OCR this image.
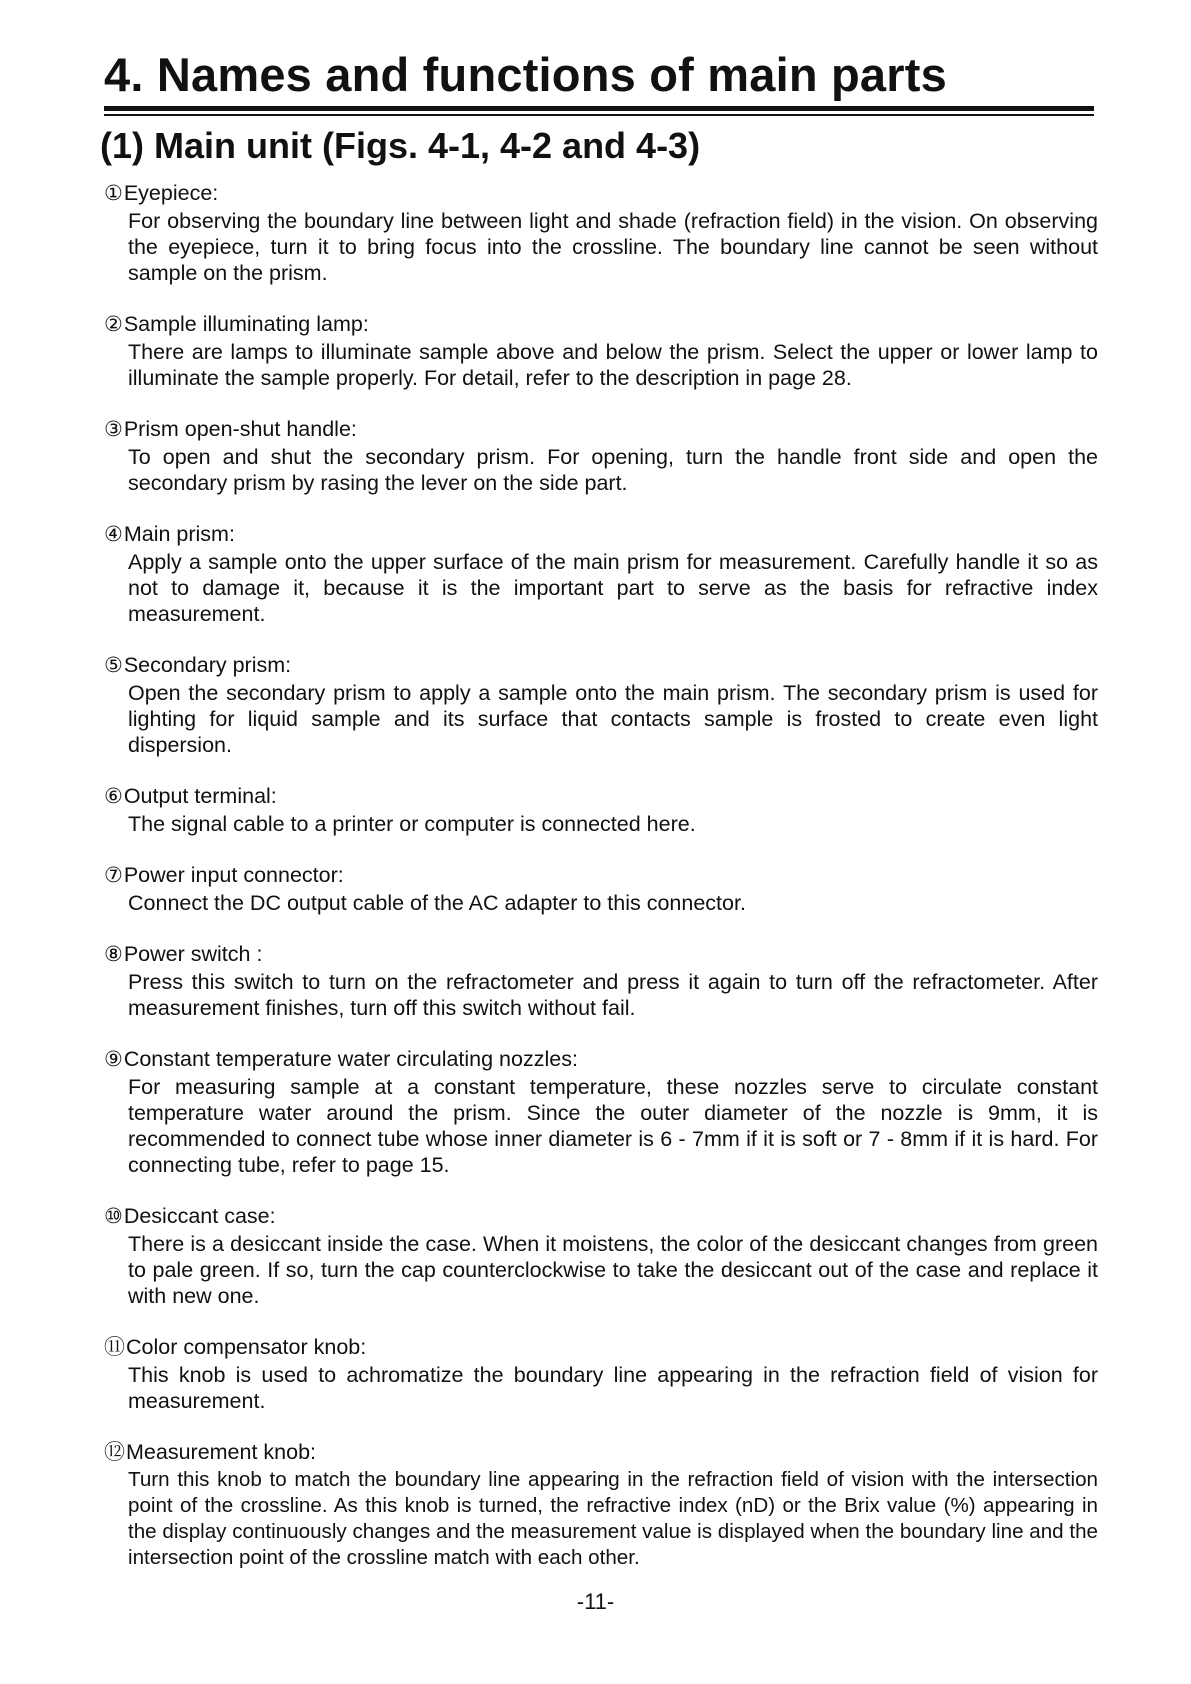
4. Names and functions of main parts
(1) Main unit (Figs. 4-1, 4-2 and 4-3)

①Eyepiece:

For observing the boundary line between light and shade (refraction field) in the vision. On observing the eyepiece, turn it to bring focus into the crossline. The boundary line cannot be seen without sample on the prism.

②Sample illuminating lamp:

There are lamps to illuminate sample above and below the prism. Select the upper or lower lamp to illuminate the sample properly. For detail, refer to the description in page 28.

③Prism open-shut handle:

To open and shut the secondary prism. For opening, turn the handle front side and open the secondary prism by rasing the lever on the side part.

④Main prism:

Apply a sample onto the upper surface of the main prism for measurement. Carefully handle it so as not to damage it, because it is the important part to serve as the basis for refractive index measurement.

⑤Secondary prism:

Open the secondary prism to apply a sample onto the main prism. The secondary prism is used for lighting for liquid sample and its surface that contacts sample is frosted to create even light dispersion.

⑥Output terminal:

The signal cable to a printer or computer is connected here.

⑦Power input connector:

Connect the DC output cable of the AC adapter to this connector.

⑧Power switch :

Press this switch to turn on the refractometer and press it again to turn off the refractometer. After measurement finishes, turn off this switch without fail.

⑨Constant temperature water circulating nozzles:

For measuring sample at a constant temperature, these nozzles serve to circulate constant temperature water around the prism. Since the outer diameter of the nozzle is 9mm, it is recommended to connect tube whose inner diameter is 6 - 7mm if it is soft or 7 - 8mm if it is hard. For connecting tube, refer to page 15.

⑩Desiccant case:

There is a desiccant inside the case. When it moistens, the color of the desiccant changes from green to pale green. If so, turn the cap counterclockwise to take the desiccant out of the case and replace it with new one.

⑪Color compensator knob:

This knob is used to achromatize the boundary line appearing in the refraction field of vision for measurement.

⑫Measurement knob:

Turn this knob to match the boundary line appearing in the refraction field of vision with the intersection point of the crossline. As this knob is turned, the refractive index (nD) or the Brix value (%) appearing in the display continuously changes and the measurement value is displayed when the boundary line and the intersection point of the crossline match with each other.

-11-
